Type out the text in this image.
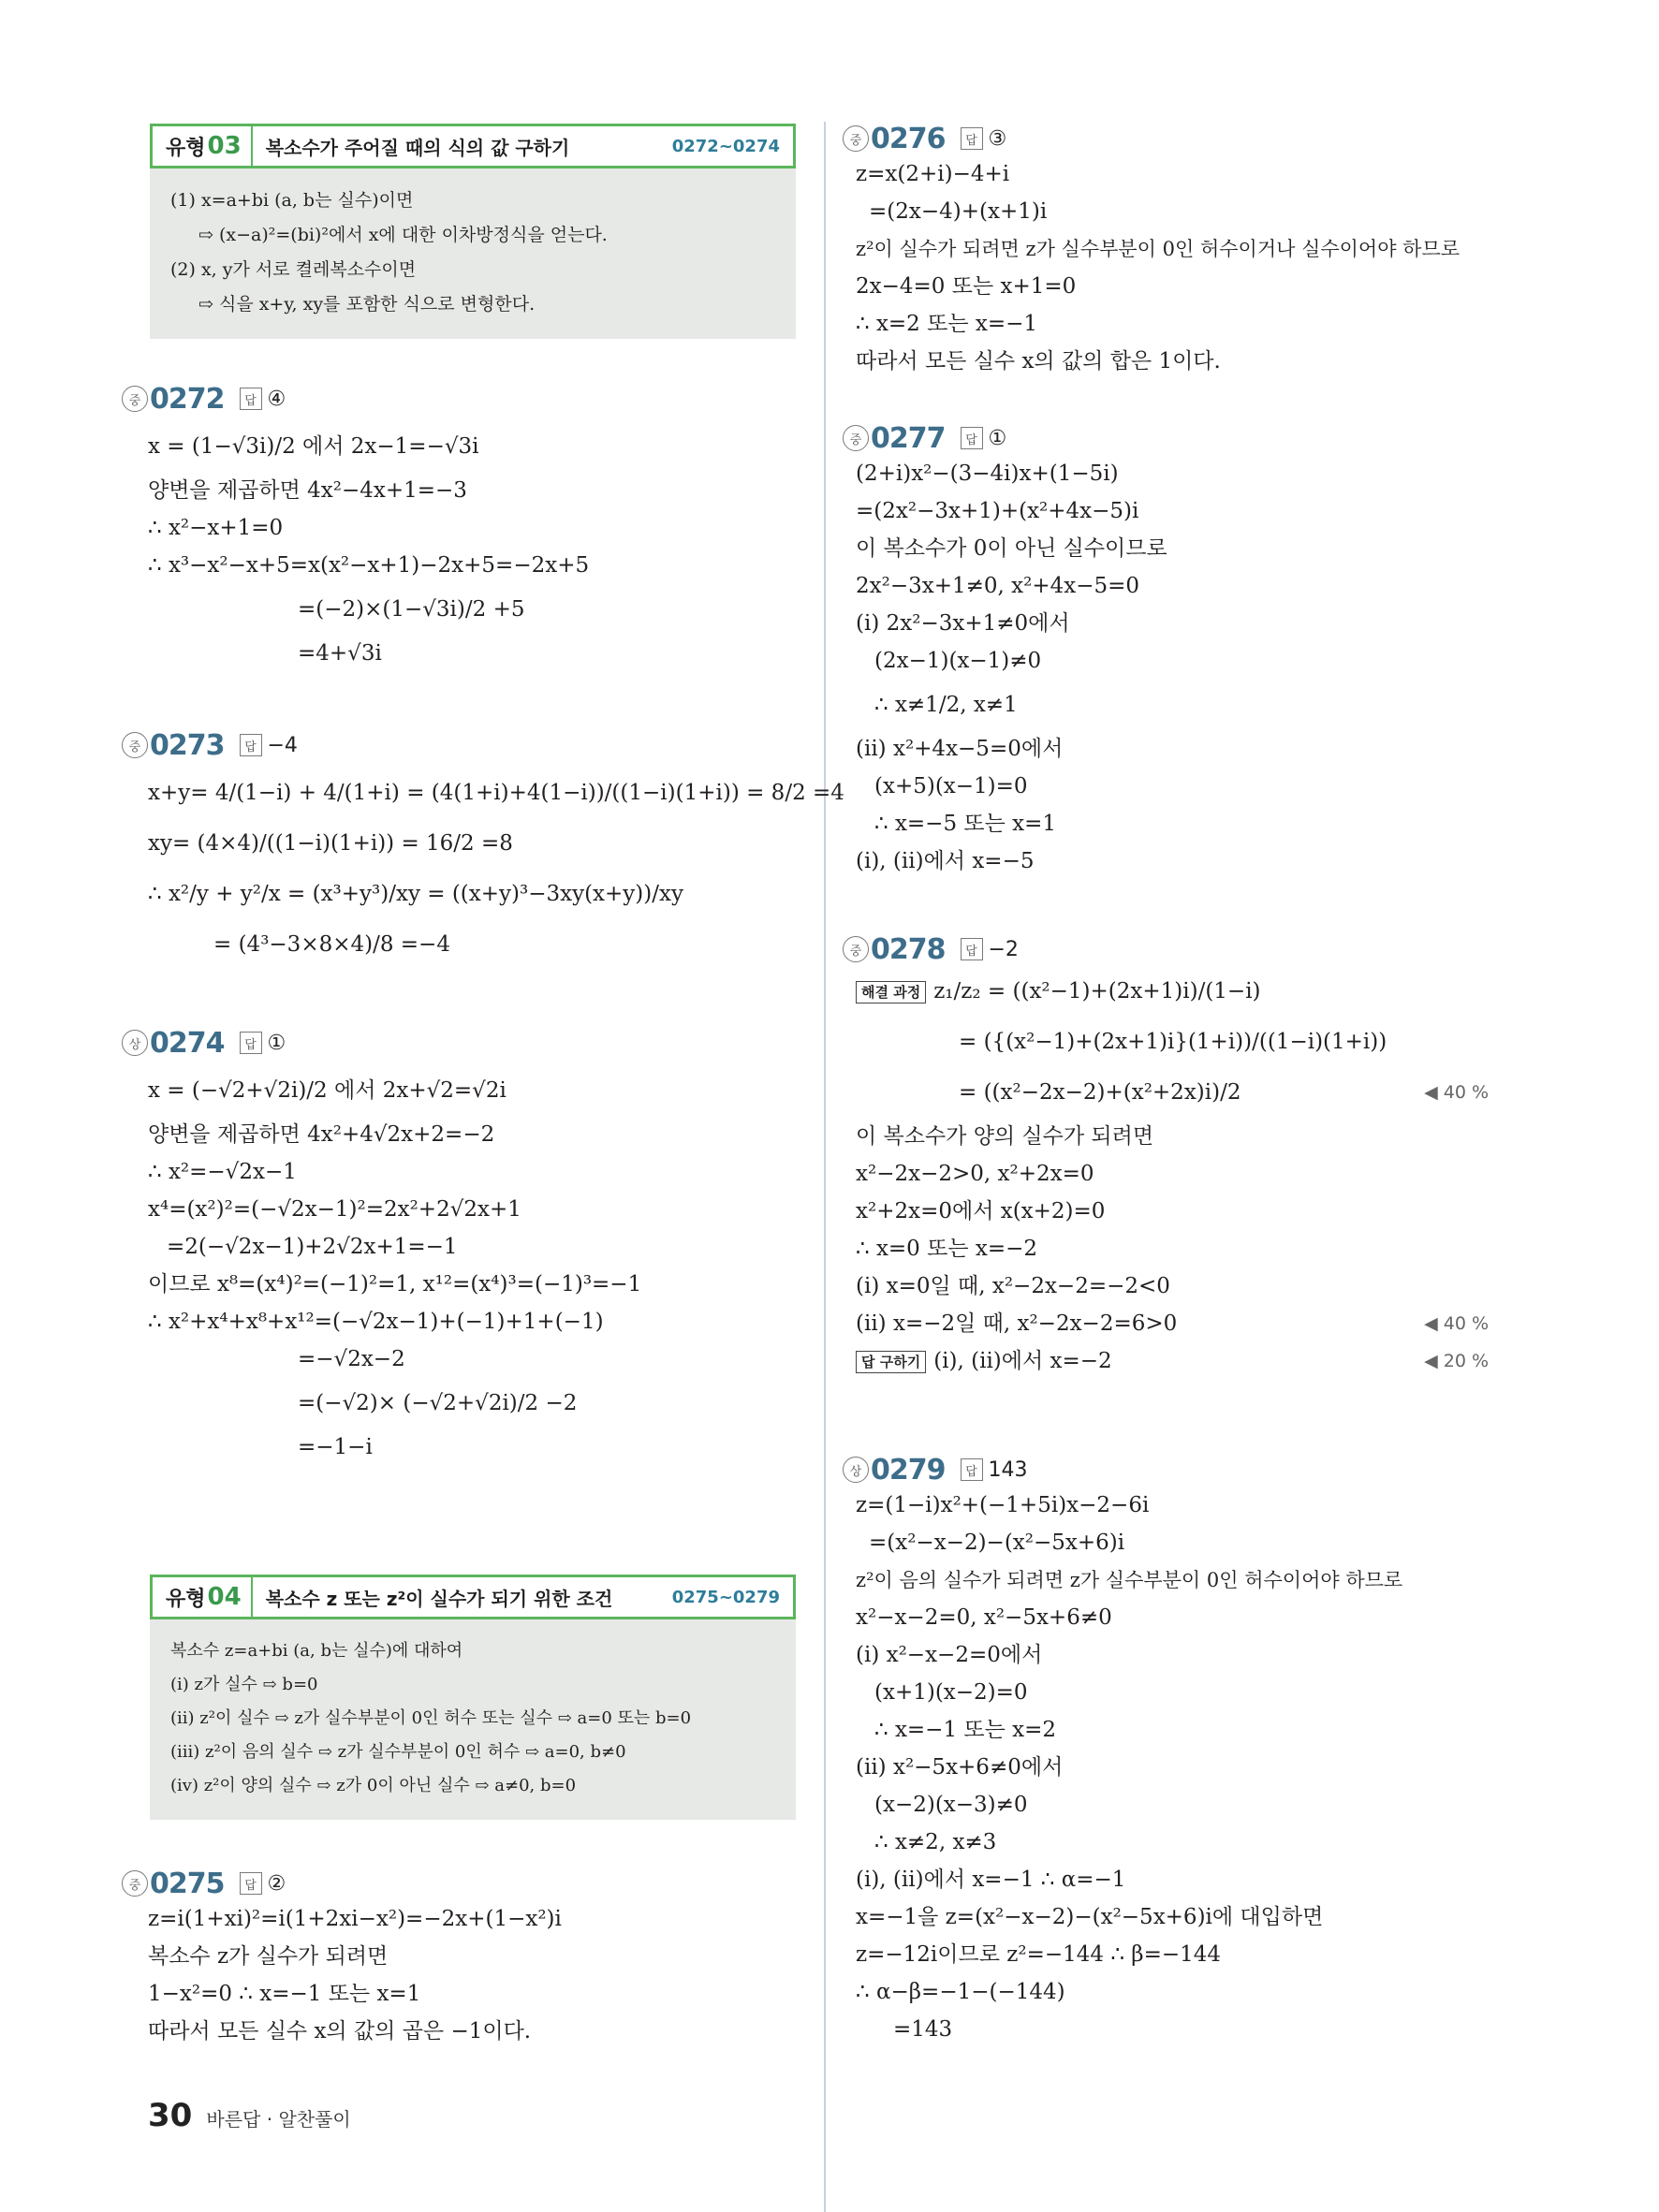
유형 03	복소수가 주어질 때의 식의 값 구하기	0272~0274
(1) x=a+bi (a, b는 실수)이면
⇨ (x−a)²=(bi)²에서 x에 대한 이차방정식을 얻는다.
(2) x, y가 서로 켤레복소수이면
⇨ 식을 x+y, xy를 포함한 식으로 변형한다.
중 0272	답 ④
x = (1−√3i)/2 에서 2x−1=−√3i
양변을 제곱하면 4x²−4x+1=−3
∴ x²−x+1=0
∴ x³−x²−x+5=x(x²−x+1)−2x+5=−2x+5
=(−2)×(1−√3i)/2 +5
=4+√3i
중 0273	답 −4
x+y= 4/(1−i) + 4/(1+i) = (4(1+i)+4(1−i))/((1−i)(1+i)) = 8/2 =4
xy= (4×4)/((1−i)(1+i)) = 16/2 =8
∴ x²/y + y²/x = (x³+y³)/xy = ((x+y)³−3xy(x+y))/xy
= (4³−3×8×4)/8 =−4
상 0274	답 ①
x = (−√2+√2i)/2 에서 2x+√2=√2i
양변을 제곱하면 4x²+4√2x+2=−2
∴ x²=−√2x−1
x⁴=(x²)²=(−√2x−1)²=2x²+2√2x+1
=2(−√2x−1)+2√2x+1=−1
이므로 x⁸=(x⁴)²=(−1)²=1, x¹²=(x⁴)³=(−1)³=−1
∴ x²+x⁴+x⁸+x¹²=(−√2x−1)+(−1)+1+(−1)
=−√2x−2
=(−√2)× (−√2+√2i)/2 −2
=−1−i
유형 04	복소수 z 또는 z²이 실수가 되기 위한 조건	0275~0279
복소수 z=a+bi (a, b는 실수)에 대하여
(i) z가 실수 ⇨ b=0
(ii) z²이 실수 ⇨ z가 실수부분이 0인 허수 또는 실수 ⇨ a=0 또는 b=0
(iii) z²이 음의 실수 ⇨ z가 실수부분이 0인 허수 ⇨ a=0, b≠0
(iv) z²이 양의 실수 ⇨ z가 0이 아닌 실수 ⇨ a≠0, b=0
중 0275	답 ②
z=i(1+xi)²=i(1+2xi−x²)=−2x+(1−x²)i
복소수 z가 실수가 되려면
1−x²=0 ∴ x=−1 또는 x=1
따라서 모든 실수 x의 값의 곱은 −1이다.
중 0276	답 ③
z=x(2+i)−4+i
=(2x−4)+(x+1)i
z²이 실수가 되려면 z가 실수부분이 0인 허수이거나 실수이어야 하므로
2x−4=0 또는 x+1=0
∴ x=2 또는 x=−1
따라서 모든 실수 x의 값의 합은 1이다.
중 0277	답 ①
(2+i)x²−(3−4i)x+(1−5i)
=(2x²−3x+1)+(x²+4x−5)i
이 복소수가 0이 아닌 실수이므로
2x²−3x+1≠0, x²+4x−5=0
(i) 2x²−3x+1≠0에서
(2x−1)(x−1)≠0
∴ x≠1/2, x≠1
(ii) x²+4x−5=0에서
(x+5)(x−1)=0
∴ x=−5 또는 x=1
(i), (ii)에서 x=−5
중 0278	답 −2
해결 과정 z₁/z₂ = ((x²−1)+(2x+1)i)/(1−i)
= ({(x²−1)+(2x+1)i}(1+i))/((1−i)(1+i))
= ((x²−2x−2)+(x²+2x)i)/2	◀ 40 %
이 복소수가 양의 실수가 되려면
x²−2x−2>0, x²+2x=0
x²+2x=0에서 x(x+2)=0
∴ x=0 또는 x=−2
(i) x=0일 때, x²−2x−2=−2<0
(ii) x=−2일 때, x²−2x−2=6>0	◀ 40 %
답 구하기 (i), (ii)에서 x=−2	◀ 20 %
상 0279	답 143
z=(1−i)x²+(−1+5i)x−2−6i
=(x²−x−2)−(x²−5x+6)i
z²이 음의 실수가 되려면 z가 실수부분이 0인 허수이어야 하므로
x²−x−2=0, x²−5x+6≠0
(i) x²−x−2=0에서
(x+1)(x−2)=0
∴ x=−1 또는 x=2
(ii) x²−5x+6≠0에서
(x−2)(x−3)≠0
∴ x≠2, x≠3
(i), (ii)에서 x=−1 ∴ α=−1
x=−1을 z=(x²−x−2)−(x²−5x+6)i에 대입하면
z=−12i이므로 z²=−144 ∴ β=−144
∴ α−β=−1−(−144)
=143
30 바른답 · 알찬풀이
